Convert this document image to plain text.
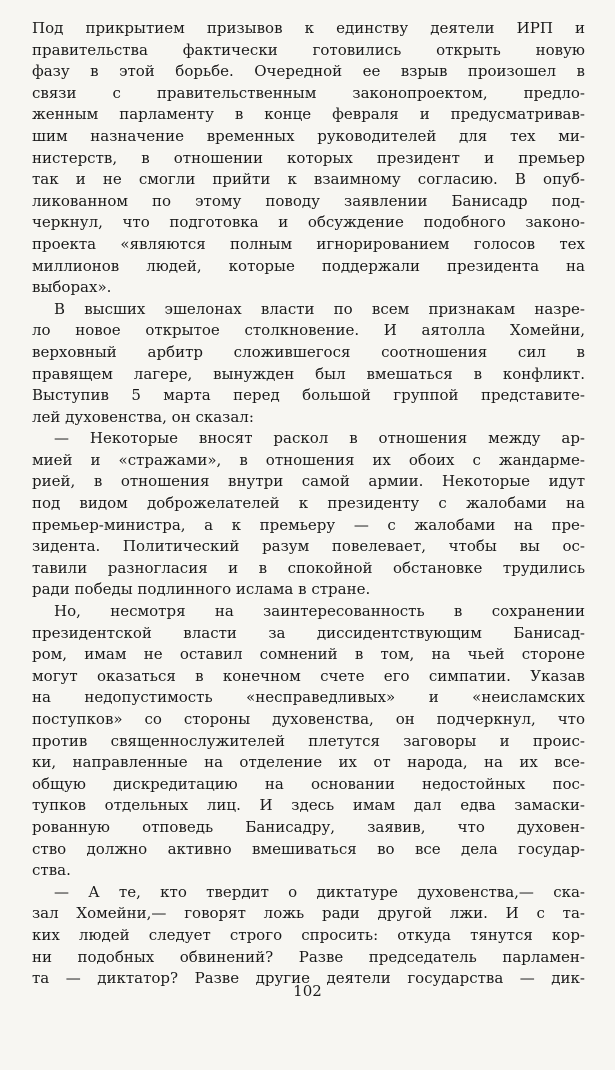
Под прикрытием призывов к единству деятели ИРП и
правительства фактически готовились открыть новую
фазу в этой борьбе. Очередной ее взрыв произошел в
связи с правительственным законопроектом, предло-
женным парламенту в конце февраля и предусматривав-
шим назначение временных руководителей для тех ми-
нистерств, в отношении которых президент и премьер
так и не смогли прийти к взаимному согласию. В опуб-
ликованном по этому поводу заявлении Банисадр под-
черкнул, что подготовка и обсуждение подобного законо-
проекта «являются полным игнорированием голосов тех
миллионов людей, которые поддержали президента на
выборах».
В высших эшелонах власти по всем признакам назре-
ло новое открытое столкновение. И аятолла Хомейни,
верховный арбитр сложившегося соотношения сил в
правящем лагере, вынужден был вмешаться в конфликт.
Выступив 5 марта перед большой группой представите-
лей духовенства, он сказал:
— Некоторые вносят раскол в отношения между ар-
мией и «стражами», в отношения их обоих с жандарме-
рией, в отношения внутри самой армии. Некоторые идут
под видом доброжелателей к президенту с жалобами на
премьер-министра, а к премьеру — с жалобами на пре-
зидента. Политический разум повелевает, чтобы вы ос-
тавили разногласия и в спокойной обстановке трудились
ради победы подлинного ислама в стране.
Но, несмотря на заинтересованность в сохранении
президентской власти за диссидентствующим Банисад-
ром, имам не оставил сомнений в том, на чьей стороне
могут оказаться в конечном счете его симпатии. Указав
на недопустимость «несправедливых» и «неисламских
поступков» со стороны духовенства, он подчеркнул, что
против священнослужителей плетутся заговоры и проис-
ки, направленные на отделение их от народа, на их все-
общую дискредитацию на основании недостойных пос-
тупков отдельных лиц. И здесь имам дал едва замаски-
рованную отповедь Банисадру, заявив, что духовен-
ство должно активно вмешиваться во все дела государ-
ства.
— А те, кто твердит о диктатуре духовенства,— ска-
зал Хомейни,— говорят ложь ради другой лжи. И с та-
ких людей следует строго спросить: откуда тянутся кор-
ни подобных обвинений? Разве председатель парламен-
та — диктатор? Разве другие деятели государства — дик-
102
